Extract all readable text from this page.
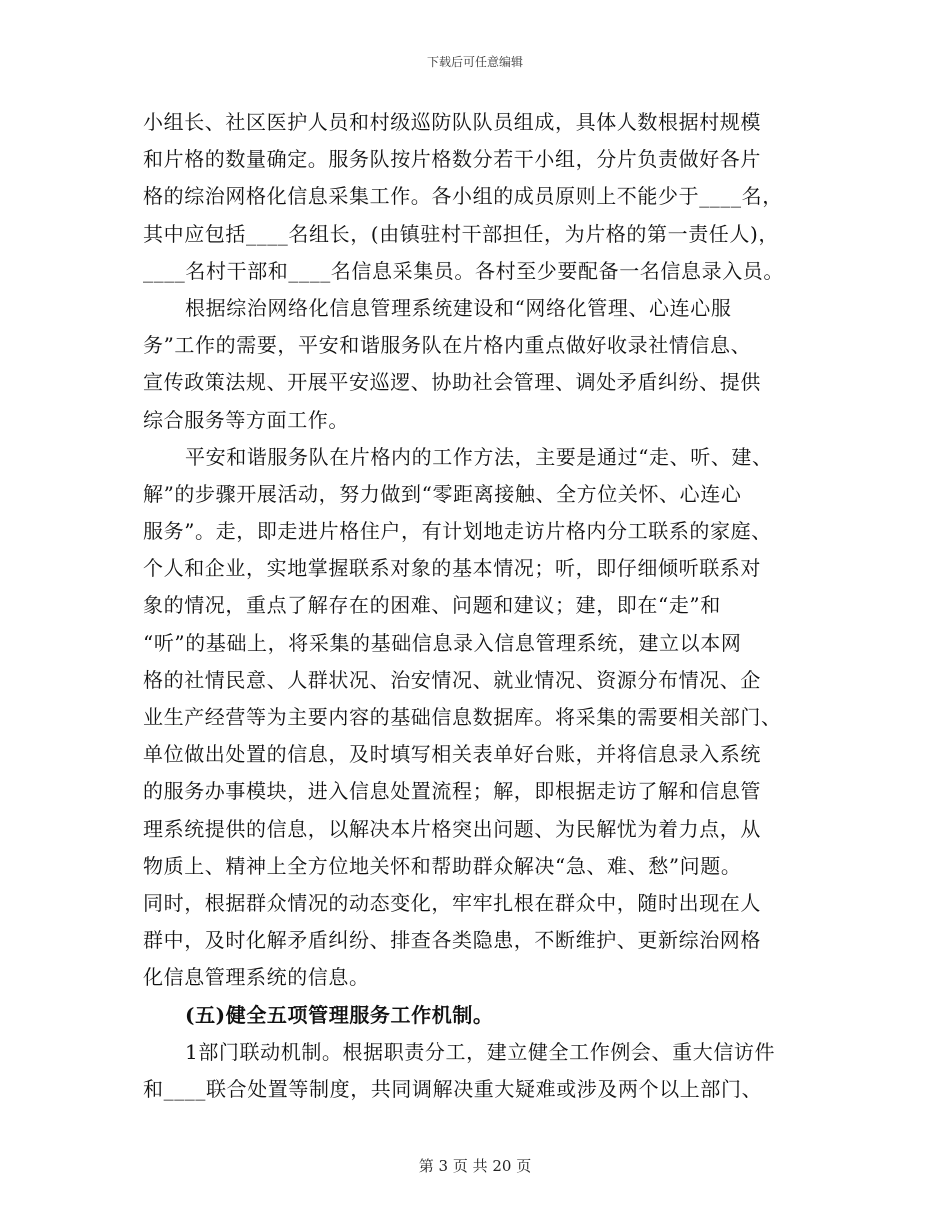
下载后可任意编辑
小组长、社区医护人员和村级巡防队队员组成，具体人数根据村规模
和片格的数量确定。服务队按片格数分若干小组，分片负责做好各片
格的综治网格化信息采集工作。各小组的成员原则上不能少于____名，
其中应包括____名组长，(由镇驻村干部担任，为片格的第一责任人)，
____名村干部和____名信息采集员。各村至少要配备一名信息录入员。
根据综治网络化信息管理系统建设和“网络化管理、心连心服
务”工作的需要，平安和谐服务队在片格内重点做好收录社情信息、
宣传政策法规、开展平安巡逻、协助社会管理、调处矛盾纠纷、提供
综合服务等方面工作。
平安和谐服务队在片格内的工作方法，主要是通过“走、听、建、
解”的步骤开展活动，努力做到“零距离接触、全方位关怀、心连心
服务”。走，即走进片格住户，有计划地走访片格内分工联系的家庭、
个人和企业，实地掌握联系对象的基本情况；听，即仔细倾听联系对
象的情况，重点了解存在的困难、问题和建议；建，即在“走”和
“听”的基础上，将采集的基础信息录入信息管理系统，建立以本网
格的社情民意、人群状况、治安情况、就业情况、资源分布情况、企
业生产经营等为主要内容的基础信息数据库。将采集的需要相关部门、
单位做出处置的信息，及时填写相关表单好台账，并将信息录入系统
的服务办事模块，进入信息处置流程；解，即根据走访了解和信息管
理系统提供的信息，以解决本片格突出问题、为民解忧为着力点，从
物质上、精神上全方位地关怀和帮助群众解决“急、难、愁”问题。
同时，根据群众情况的动态变化，牢牢扎根在群众中，随时出现在人
群中，及时化解矛盾纠纷、排查各类隐患，不断维护、更新综治网格
化信息管理系统的信息。
(五)健全五项管理服务工作机制。
1部门联动机制。根据职责分工，建立健全工作例会、重大信访件
和____联合处置等制度，共同调解决重大疑难或涉及两个以上部门、
第 3 页 共 20 页
